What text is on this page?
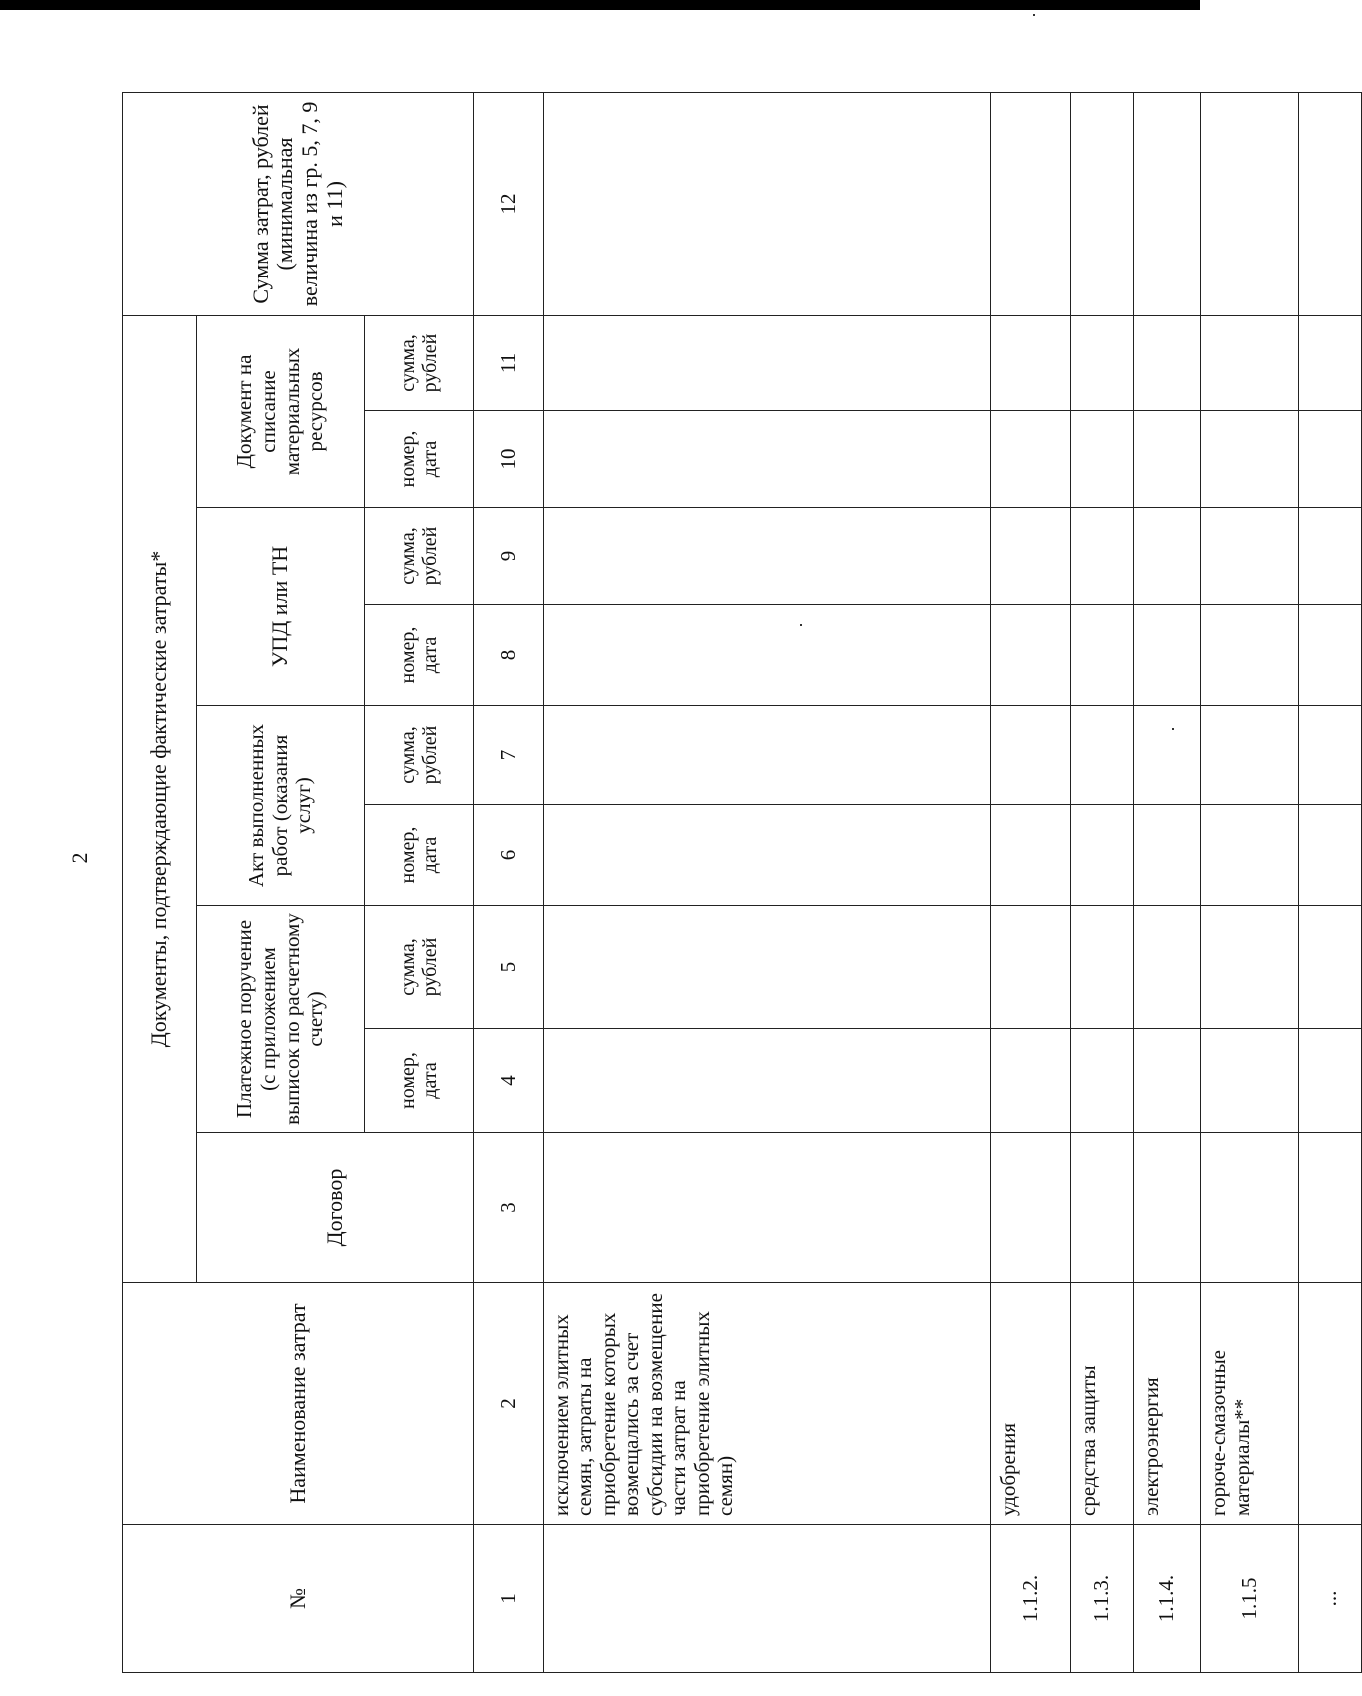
2
№	Наименование затрат	Документы, подтверждающие фактические затраты*									Сумма затрат, рублей (минимальная величина из гр. 5, 7, 9 и 11)
		Договор	Платежное поручение (с приложением выписок по расчетному счету)		Акт выполненных работ (оказания услуг)		УПД или ТН		Документ на списание материальных ресурсов		
			номер, дата	сумма, рублей	номер, дата	сумма, рублей	номер, дата	сумма, рублей	номер, дата	сумма, рублей	
1	2	3	4	5	6	7	8	9	10	11	12
	исключением элитных семян, затраты на приобретение которых возмещались за счет субсидии на возмещение части затрат на приобретение элитных семян)										
1.1.2.	удобрения										
1.1.3.	средства защиты										
1.1.4.	электроэнергия										
1.1.5	горюче-смазочные материалы**										
...											
